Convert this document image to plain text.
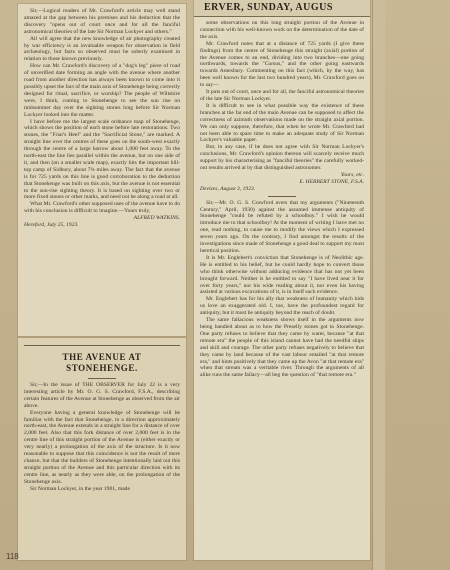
Sir,—Logical readers of Mr. Crawford's article may well stand amazed at the gap between his premises and his deduction that the discovery "opens out of court once and for all the fanciful astronomical theories of the late Sir Norman Lockyer and others."

All will agree that the new knowledge of air photography created by war efficiency is an invaluable weapon for observation in field archæology, but facts so observed must be soberly examined in relation to those known previously.

How can Mr. Crawford's discovery of a "dog's leg" piece of road of unverified date forming an angle with the avenue where another road from another direction has always been known to come into it possibly upset the fact of the main axis of Stonehenge being correctly designed for ritual, sacrifice, or worship? The people of Wiltshire were, I think, coming to Stonehenge to see the sun rise on midsummer day over the sighting stones long before Sir Norman Lockyer looked into the matter.

I have before me the largest scale ordnance map of Stonehenge, which shows the position of each stone before late restorations. Two stones, the "Friar's Heel" and the "Sacrificial Stone," are marked. A straight line over the centres of these goes on the south-west exactly through the centre of a large barrow about 1,000 feet away. To the north-east the line lies parallel within the avenue, but on one side of it, and then (on a smaller scale map), exactly hits the important hill-top camp of Sidbury, about 7¾ miles away. The fact that the avenue is for 725 yards on this line is good corroboration to the deduction that Stonehenge was built on this axis, but the avenue is not essential to the sun-rise sighting theory. It is based on sighting over two or more fixed stones or other marks, and need not be along a road at all.

What Mr. Crawford's other supposed uses of the avenue have to do with his conclusion is difficult to imagine.—Yours truly,

ALFRED WATKINS.

Hereford, July 25, 1923.

THE AVENUE AT
STONEHENGE.

Sir,—In the issue of THE OBSERVER for July 22 is a very interesting article by Mr. O. G. S. Crawford, F.S.A., describing certain features of the Avenue at Stonehenge as observed from the air above.

Everyone having a general knowledge of Stonehenge will be familiar with the fact that Stonehenge, in a direction approximately north-east, the Avenue extends in a straight line for a distance of over 2,000 feet. Also that this fork distance of over 2,000 feet is in the centre line of this straight portion of the Avenue is (either exactly or very nearly) a prolongation of the axis of the structure. Is it now reasonable to suppose that this coincidence is not the result of mere chance, but that the builders of Stonehenge intentionally laid out this straight portion of the Avenue and this particular direction with its centre line, as nearly as they were able, on the prolongation of the Stonehenge axis.

Sir Norman Lockyer, in the year 1901, made

ERVER, SUNDAY, AUGUS

some observations on this long straight portion of the Avenue in connection with his well-known work on the determination of the date of the axis.

Mr. Crawford notes that at a distance of 725 yards (I give these findings) from the centre of Stonehenge this straight (axial) portion of the Avenue comes to an end, dividing into two branches—one going northwards, towards the "Cursus," and the other going eastwards towards Amesbury. Commenting on this fact (which, by the way, has been well known for the last two hundred years), Mr. Crawford goes on to say—

It puts out of court, once and for all, the fanciful astronomical theories of the late Sir Norman Lockyer.

It is difficult to see in what possible way the existence of these branches at the far end of the main Avenue can be supposed to affect the correctness of azimuth observations made on the straight axial portion. We can only suppose, therefore, that when he wrote Mr. Crawford had not been able to spare time to make an adequate study of Sir Norman Lockyer's valuable paper.

But, in any case, if he does not agree with Sir Norman Lockyer's conclusions, Mr. Crawford's opinion thereon will scarcely receive much support by his characterising as "fanciful theories" the carefully worked-out results arrived at by that distinguished astronomer.

Yours, etc.

E. HERBERT STONE, F.S.A.

Devizes, August 3, 1923.

Sir,—Mr. O. G. S. Crawford avers that my arguments ("Nineteenth Century," April, 1930) against the assumed immense antiquity of Stonehenge "could be refuted by a schoolboy." I wish he would introduce me to that schoolboy! At the moment of writing I have met no one, read nothing, to cause me to modify the views which I expressed seven years ago. On the contrary, I find amongst the results of the investigations since made of Stonehenge a good deal to support my most heretical position.

It is Mr. Englebert's conviction that Stonehenge is of Neolithic age. He is entitled to his belief, but he could hardly hope to convert those who think otherwise without adducing evidence that has not yet been brought forward. Neither is he entitled to say "I have lived near it for over forty years," nor his wide reading about it, nor even his having assisted at various excavations of it, is in itself such evidence.

Mr. Englebert has for his ally that weakness of humanity which bids us love an exaggerated old. I, too, have the profoundest regard for antiquity, but it must be antiquity beyond the reach of doubt.

The same fallacious weakness shows itself in the arguments now being bandied about as to how the Preselly stones got to Stonehenge. One party refuses to believe that they came by water, because "at that remote era" the people of this island cannot have had the needful ships and skill and courage. The other party refuses negatively to believe that they came by land because of the vast labour entailed "at that remote era," and hints positively that they came up the Avon "at that remote era" when that stream was a veritable river. Through the arguments of all alike runs the same fallacy—all beg the question of "that remote era."

118
